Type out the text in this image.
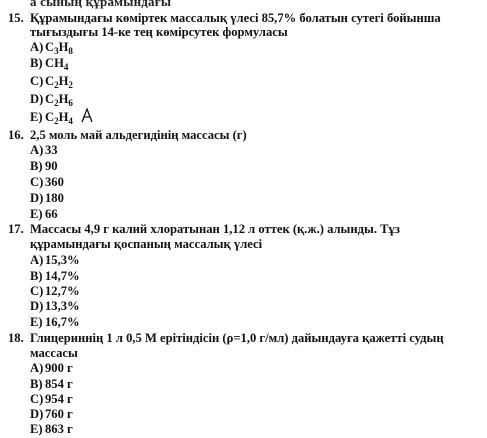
а сының құрамындағы
15. Құрамындағы көміртек массалық үлесі 85,7% болатын сутегі бойынша
тығыздығы 14-ке тең көмірсутек формуласы
A) $C_3H_8$
B) $CH_4$
C) $C_2H_2$
D) $C_2H_6$
E) $C_2H_4$
16. 2,5 моль май альдегидінің массасы (г)
A) 33
B) 90
C) 360
D) 180
E) 66
17. Массасы 4,9 г калий хлоратынан 1,12 л оттек (қ.ж.) алынды. Тұз
құрамындағы қоспаның массалық үлесі
A) 15,3%
B) 14,7%
C) 12,7%
D) 13,3%
E) 16,7%
18. Глицериннің 1 л 0,5 М ерітіндісін (ρ=1,0 г/мл) дайындауға қажетті судың
массасы
A) 900 г
B) 854 г
C) 954 г
D) 760 г
E) 863 г
